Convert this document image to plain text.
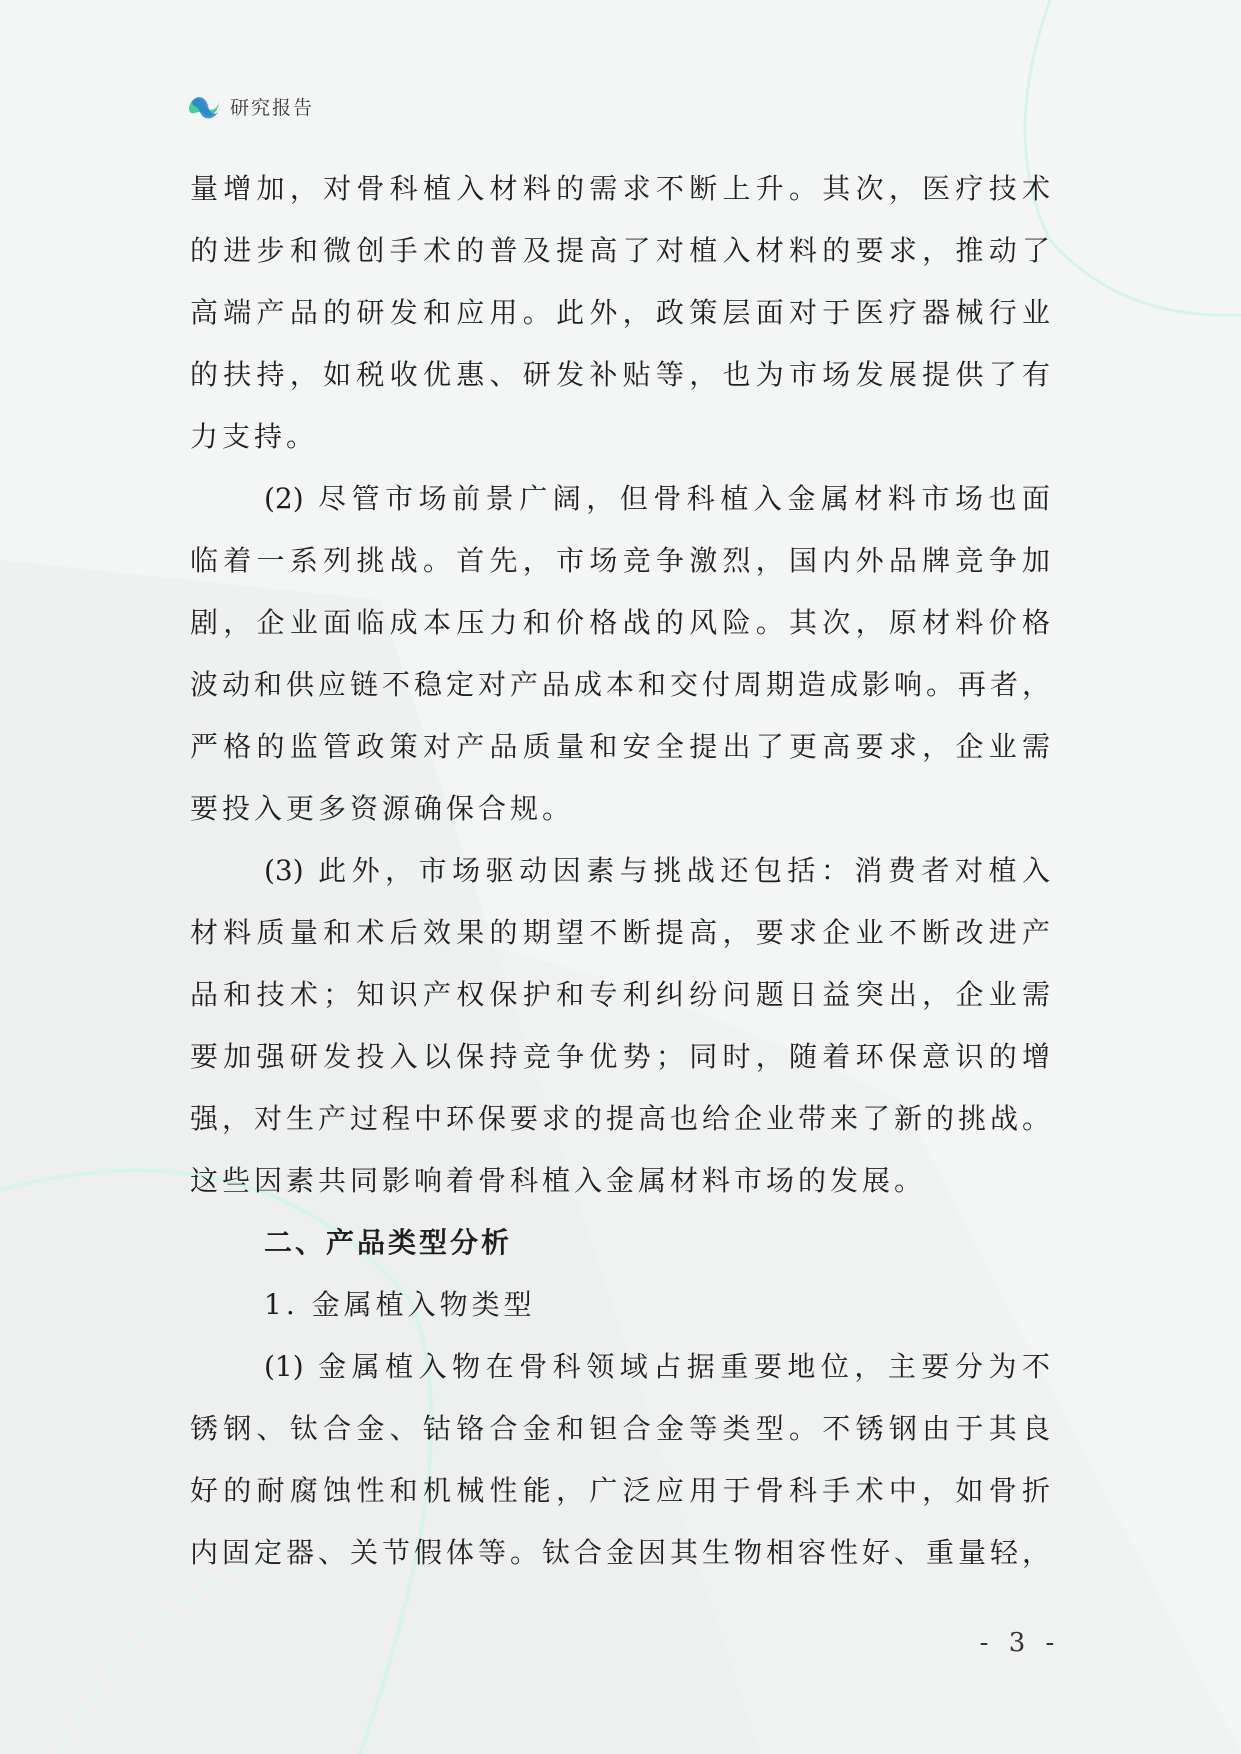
研究报告
量增加，对骨科植入材料的需求不断上升。其次，医疗技术
的进步和微创手术的普及提高了对植入材料的要求，推动了
高端产品的研发和应用。此外，政策层面对于医疗器械行业
的扶持，如税收优惠、研发补贴等，也为市场发展提供了有
力支持。
(2) 尽管市场前景广阔，但骨科植入金属材料市场也面
临着一系列挑战。首先，市场竞争激烈，国内外品牌竞争加
剧，企业面临成本压力和价格战的风险。其次，原材料价格
波动和供应链不稳定对产品成本和交付周期造成影响。再者，
严格的监管政策对产品质量和安全提出了更高要求，企业需
要投入更多资源确保合规。
(3) 此外，市场驱动因素与挑战还包括：消费者对植入
材料质量和术后效果的期望不断提高，要求企业不断改进产
品和技术；知识产权保护和专利纠纷问题日益突出，企业需
要加强研发投入以保持竞争优势；同时，随着环保意识的增
强，对生产过程中环保要求的提高也给企业带来了新的挑战。
这些因素共同影响着骨科植入金属材料市场的发展。
二、产品类型分析
1. 金属植入物类型
(1) 金属植入物在骨科领域占据重要地位，主要分为不
锈钢、钛合金、钴铬合金和钽合金等类型。不锈钢由于其良
好的耐腐蚀性和机械性能，广泛应用于骨科手术中，如骨折
内固定器、关节假体等。钛合金因其生物相容性好、重量轻，
- 3 -
